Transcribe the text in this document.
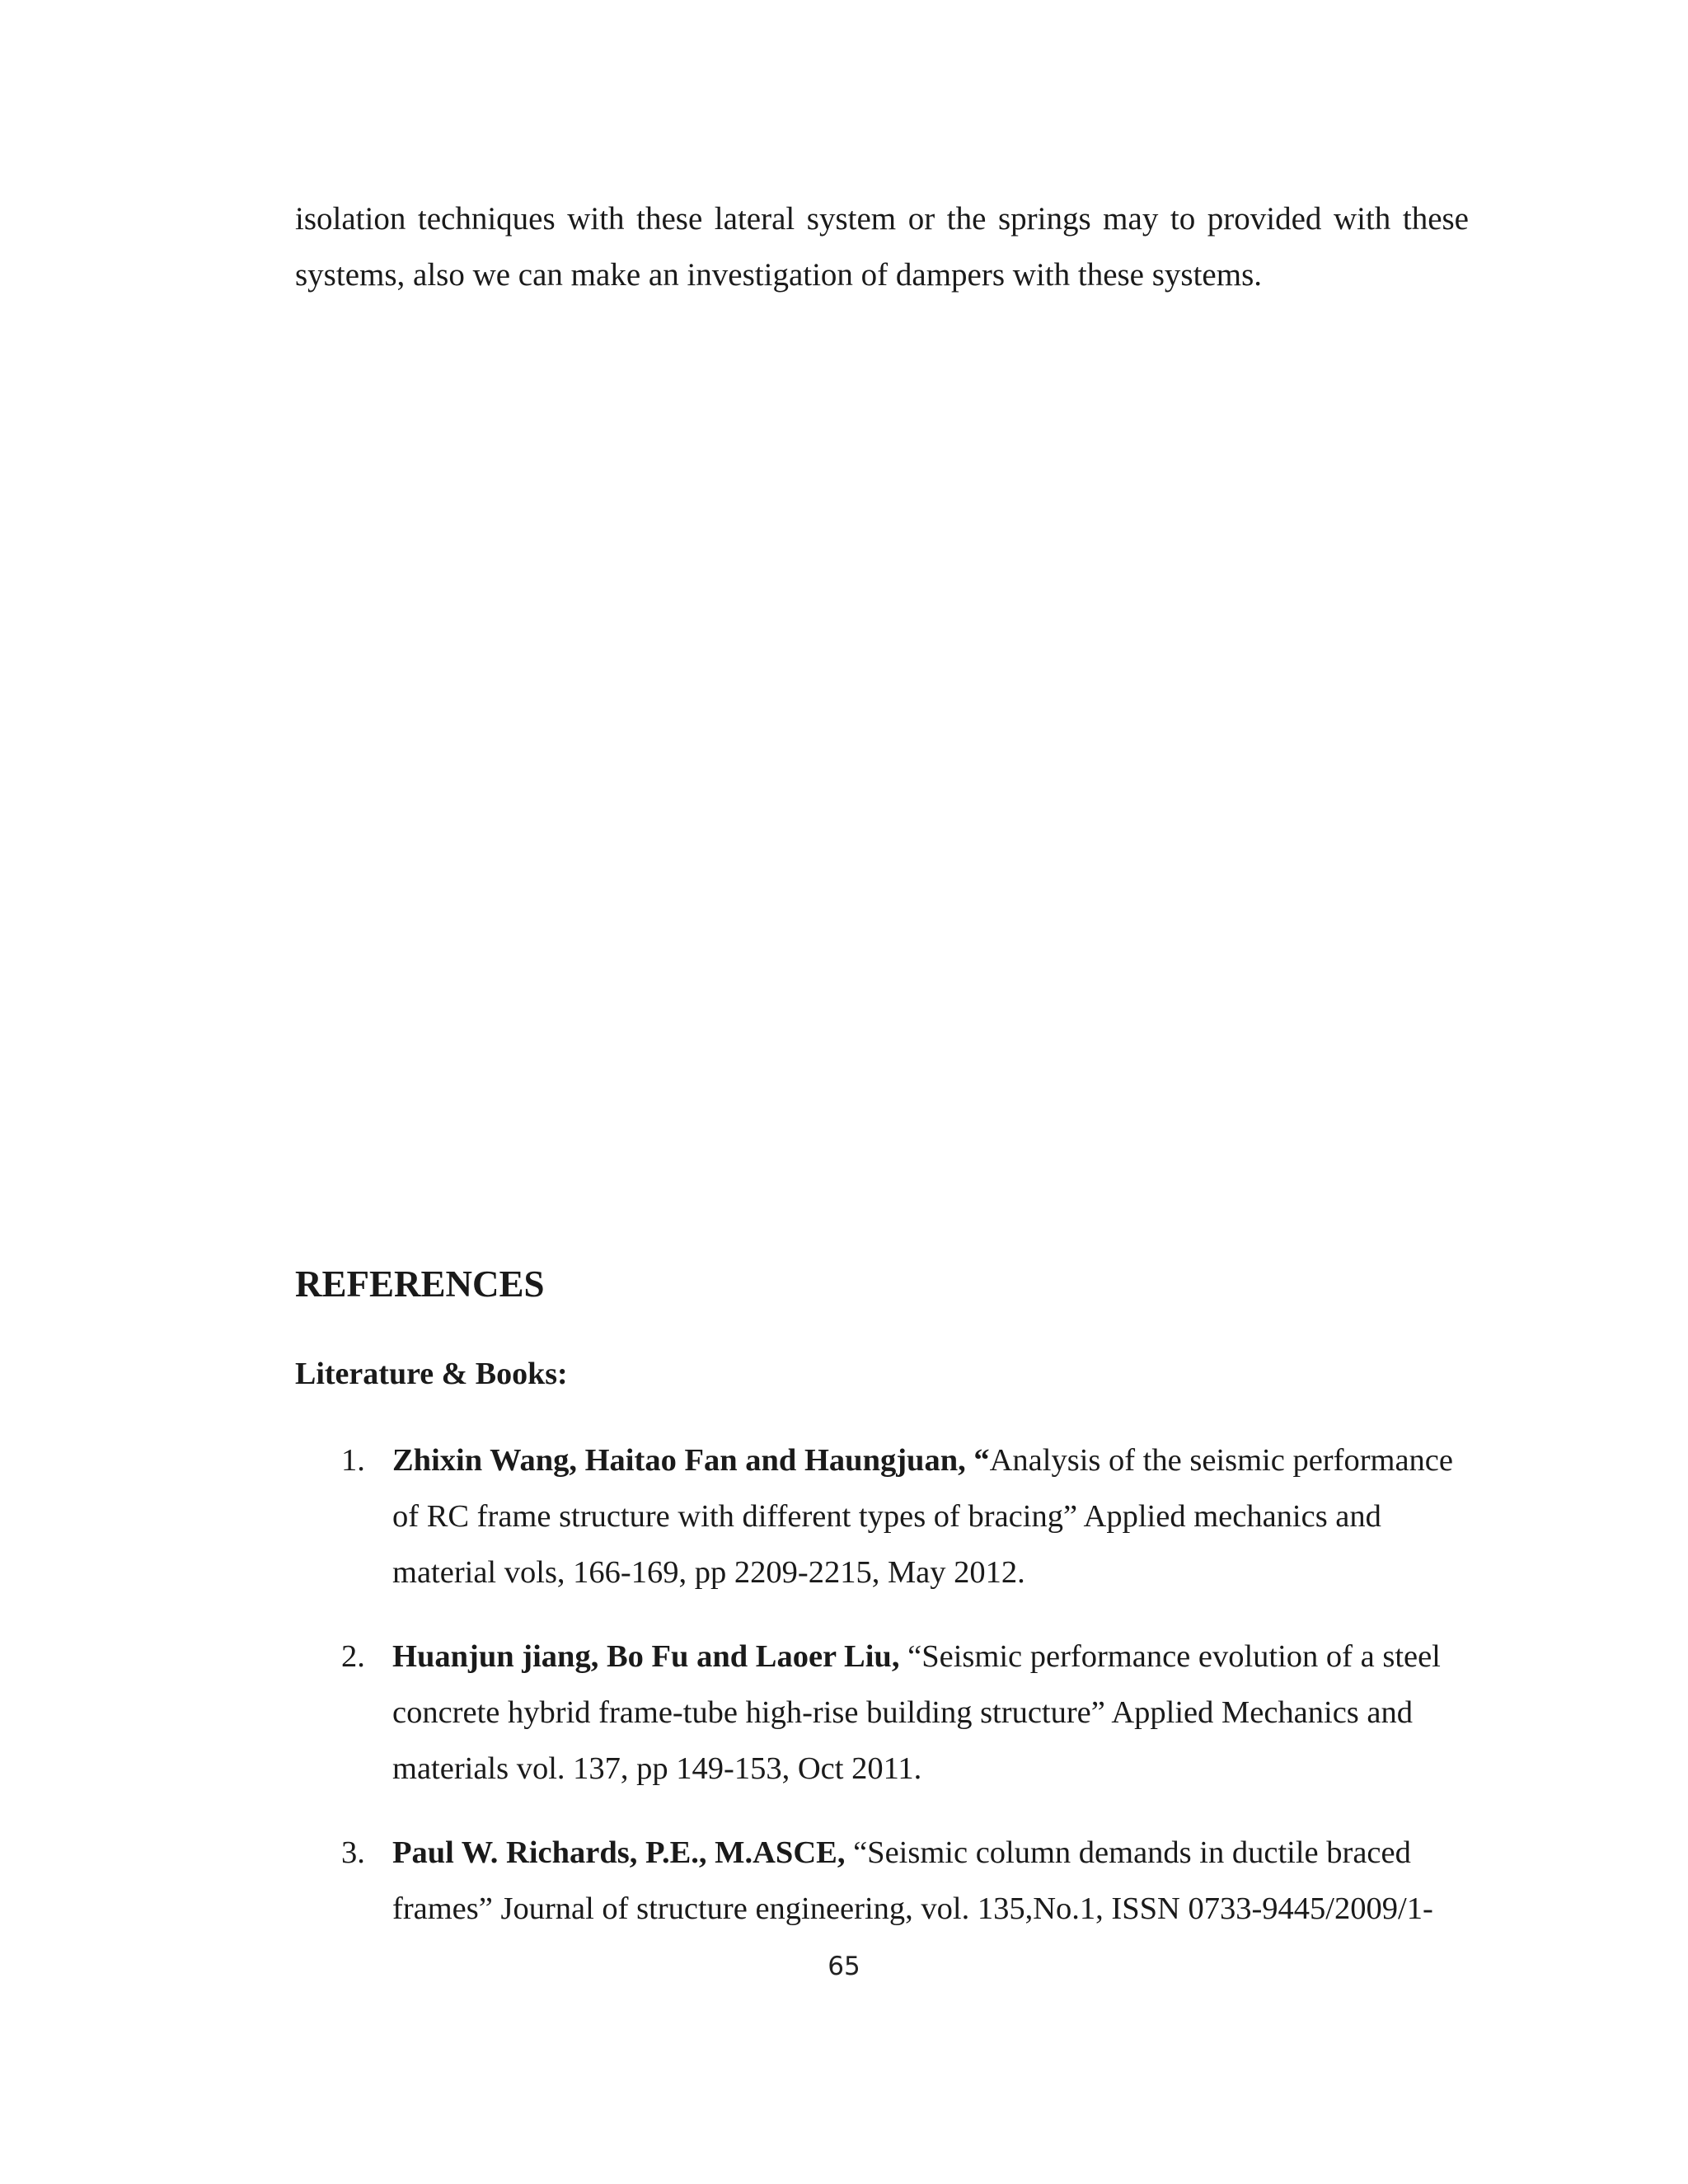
isolation techniques with these lateral system or the springs may to provided with these systems, also we can make an investigation of dampers with these systems.

REFERENCES
Literature & Books:
1. Zhixin Wang, Haitao Fan and Haungjuan, “Analysis of the seismic performance of RC frame structure with different types of bracing” Applied mechanics and material vols, 166-169, pp 2209-2215, May 2012.
2. Huanjun jiang, Bo Fu and Laoer Liu, “Seismic performance evolution of a steel concrete hybrid frame-tube high-rise building structure” Applied Mechanics and materials vol. 137, pp 149-153, Oct 2011.
3. Paul W. Richards, P.E., M.ASCE, “Seismic column demands in ductile braced frames” Journal of structure engineering, vol. 135,No.1, ISSN 0733-9445/2009/1-
65
